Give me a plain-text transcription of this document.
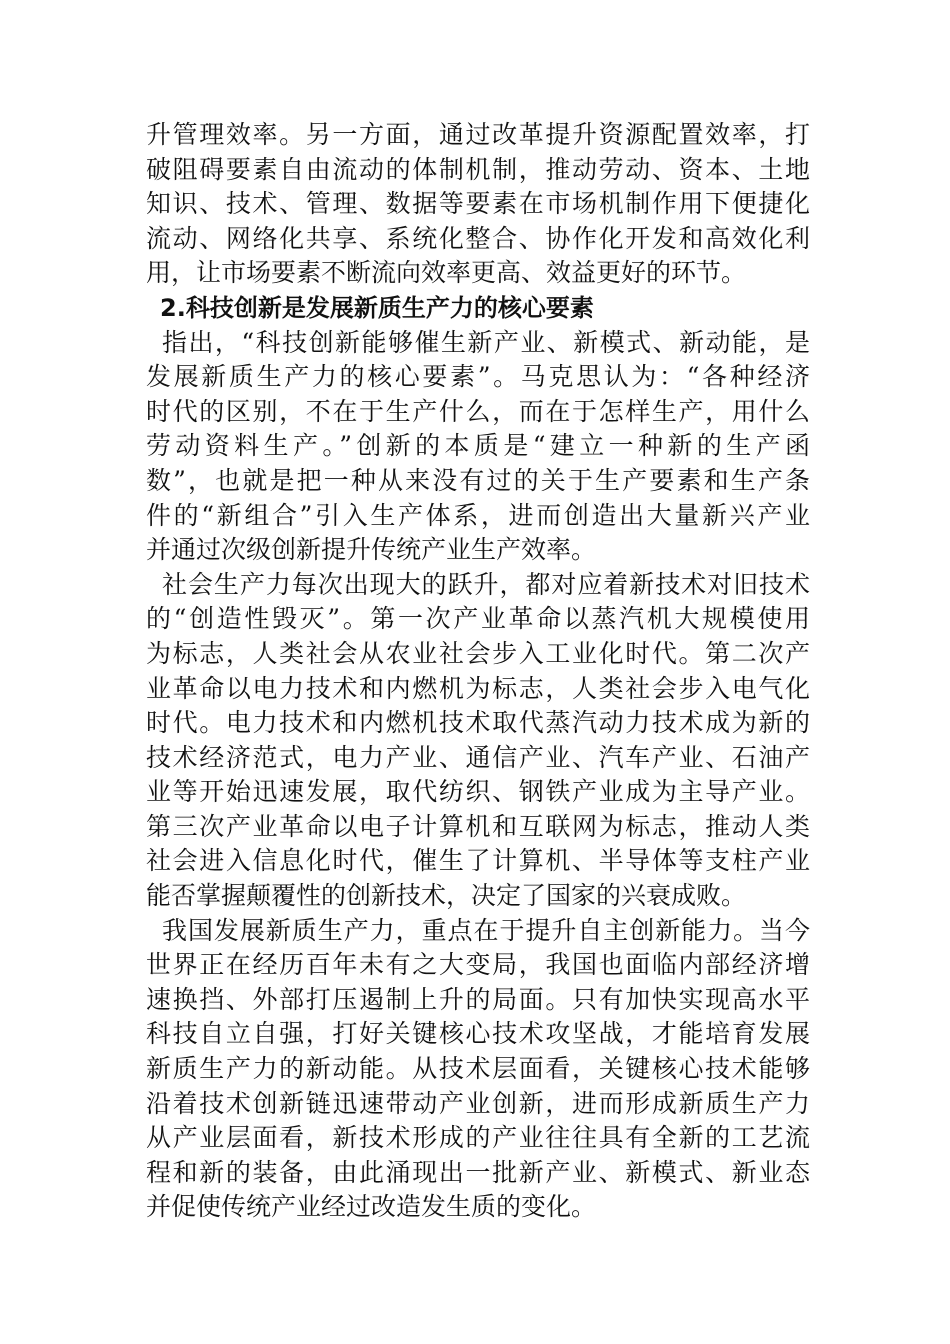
升管理效率。另一方面，通过改革提升资源配置效率，打
破阻碍要素自由流动的体制机制，推动劳动、资本、土地
知识、技术、管理、数据等要素在市场机制作用下便捷化
流动、网络化共享、系统化整合、协作化开发和高效化利
用，让市场要素不断流向效率更高、效益更好的环节。
2.科技创新是发展新质生产力的核心要素
指出，“科技创新能够催生新产业、新模式、新动能，是
发展新质生产力的核心要素”。马克思认为：“各种经济
时代的区别，不在于生产什么，而在于怎样生产，用什么
劳动资料生产。”创新的本质是“建立一种新的生产函
数”，也就是把一种从来没有过的关于生产要素和生产条
件的“新组合”引入生产体系，进而创造出大量新兴产业
并通过次级创新提升传统产业生产效率。
社会生产力每次出现大的跃升，都对应着新技术对旧技术
的“创造性毁灭”。第一次产业革命以蒸汽机大规模使用
为标志，人类社会从农业社会步入工业化时代。第二次产
业革命以电力技术和内燃机为标志，人类社会步入电气化
时代。电力技术和内燃机技术取代蒸汽动力技术成为新的
技术经济范式，电力产业、通信产业、汽车产业、石油产
业等开始迅速发展，取代纺织、钢铁产业成为主导产业。
第三次产业革命以电子计算机和互联网为标志，推动人类
社会进入信息化时代，催生了计算机、半导体等支柱产业
能否掌握颠覆性的创新技术，决定了国家的兴衰成败。
我国发展新质生产力，重点在于提升自主创新能力。当今
世界正在经历百年未有之大变局，我国也面临内部经济增
速换挡、外部打压遏制上升的局面。只有加快实现高水平
科技自立自强，打好关键核心技术攻坚战，才能培育发展
新质生产力的新动能。从技术层面看，关键核心技术能够
沿着技术创新链迅速带动产业创新，进而形成新质生产力
从产业层面看，新技术形成的产业往往具有全新的工艺流
程和新的装备，由此涌现出一批新产业、新模式、新业态
并促使传统产业经过改造发生质的变化。
